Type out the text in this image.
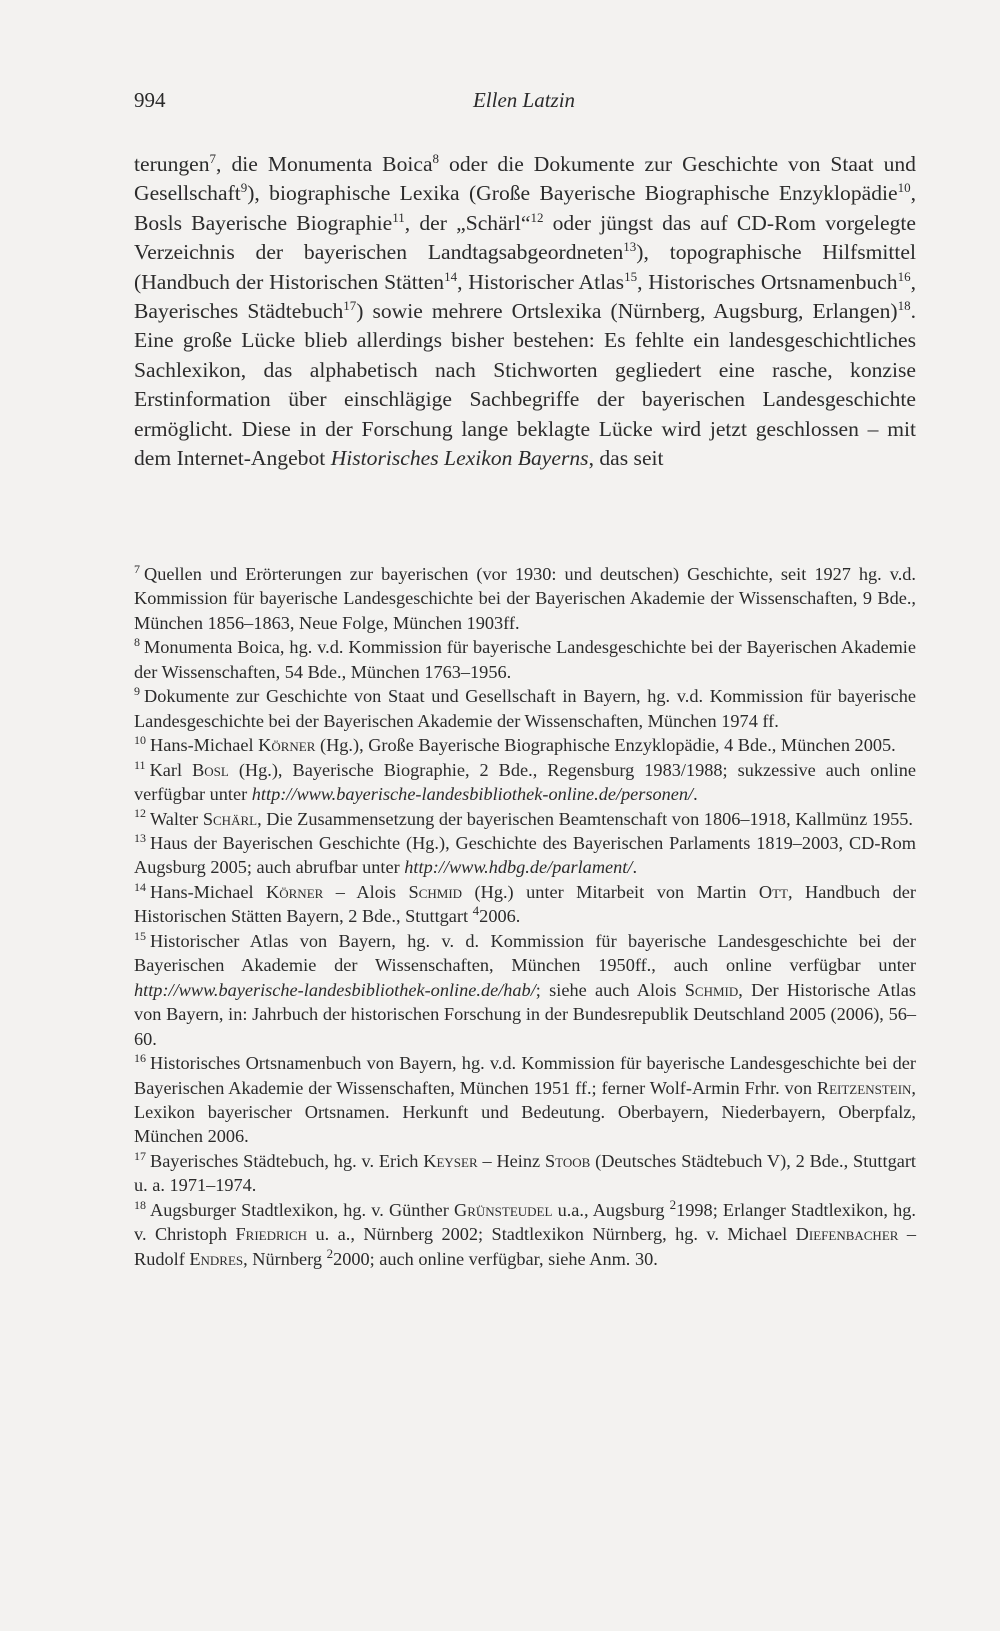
994	Ellen Latzin

terungen$^7$, die Monumenta Boica$^8$ oder die Dokumente zur Geschichte von Staat und Gesellschaft$^9$), biographische Lexika (Große Bayerische Biographische Enzyklopädie$^{10}$, Bosls Bayerische Biographie$^{11}$, der „Schärl“$^{12}$ oder jüngst das auf CD-Rom vorgelegte Verzeichnis der bayerischen Landtagsabgeordneten$^{13}$), topographische Hilfsmittel (Handbuch der Historischen Stätten$^{14}$, Historischer Atlas$^{15}$, Historisches Ortsnamenbuch$^{16}$, Bayerisches Städtebuch$^{17}$) sowie mehrere Ortslexika (Nürnberg, Augsburg, Erlangen)$^{18}$. Eine große Lücke blieb allerdings bisher bestehen: Es fehlte ein landesgeschichtliches Sachlexikon, das alphabetisch nach Stichworten gegliedert eine rasche, konzise Erstinformation über einschlägige Sachbegriffe der bayerischen Landesgeschichte ermöglicht. Diese in der Forschung lange beklagte Lücke wird jetzt geschlossen – mit dem Internet-Angebot Historisches Lexikon Bayerns, das seit

$^7$ Quellen und Erörterungen zur bayerischen (vor 1930: und deutschen) Geschichte, seit 1927 hg. v.d. Kommission für bayerische Landesgeschichte bei der Bayerischen Akademie der Wissenschaften, 9 Bde., München 1856–1863, Neue Folge, München 1903ff.

$^8$ Monumenta Boica, hg. v.d. Kommission für bayerische Landesgeschichte bei der Bayerischen Akademie der Wissenschaften, 54 Bde., München 1763–1956.

$^9$ Dokumente zur Geschichte von Staat und Gesellschaft in Bayern, hg. v.d. Kommission für bayerische Landesgeschichte bei der Bayerischen Akademie der Wissenschaften, München 1974 ff.

$^{10}$ Hans-Michael Körner (Hg.), Große Bayerische Biographische Enzyklopädie, 4 Bde., München 2005.

$^{11}$ Karl Bosl (Hg.), Bayerische Biographie, 2 Bde., Regensburg 1983/1988; sukzessive auch online verfügbar unter http://www.bayerische-landesbibliothek-online.de/personen/.

$^{12}$ Walter Schärl, Die Zusammensetzung der bayerischen Beamtenschaft von 1806–1918, Kallmünz 1955.

$^{13}$ Haus der Bayerischen Geschichte (Hg.), Geschichte des Bayerischen Parlaments 1819–2003, CD-Rom Augsburg 2005; auch abrufbar unter http://www.hdbg.de/parlament/.

$^{14}$ Hans-Michael Körner – Alois Schmid (Hg.) unter Mitarbeit von Martin Ott, Handbuch der Historischen Stätten Bayern, 2 Bde., Stuttgart $^4$2006.

$^{15}$ Historischer Atlas von Bayern, hg. v. d. Kommission für bayerische Landesgeschichte bei der Bayerischen Akademie der Wissenschaften, München 1950ff., auch online verfügbar unter http://www.bayerische-landesbibliothek-online.de/hab/; siehe auch Alois Schmid, Der Historische Atlas von Bayern, in: Jahrbuch der historischen Forschung in der Bundesrepublik Deutschland 2005 (2006), 56–60.

$^{16}$ Historisches Ortsnamenbuch von Bayern, hg. v.d. Kommission für bayerische Landesgeschichte bei der Bayerischen Akademie der Wissenschaften, München 1951 ff.; ferner Wolf-Armin Frhr. von Reitzenstein, Lexikon bayerischer Ortsnamen. Herkunft und Bedeutung. Oberbayern, Niederbayern, Oberpfalz, München 2006.

$^{17}$ Bayerisches Städtebuch, hg. v. Erich Keyser – Heinz Stoob (Deutsches Städtebuch V), 2 Bde., Stuttgart u. a. 1971–1974.

$^{18}$ Augsburger Stadtlexikon, hg. v. Günther Grünsteudel u.a., Augsburg $^2$1998; Erlanger Stadtlexikon, hg. v. Christoph Friedrich u. a., Nürnberg 2002; Stadtlexikon Nürnberg, hg. v. Michael Diefenbacher – Rudolf Endres, Nürnberg $^2$2000; auch online verfügbar, siehe Anm. 30.
